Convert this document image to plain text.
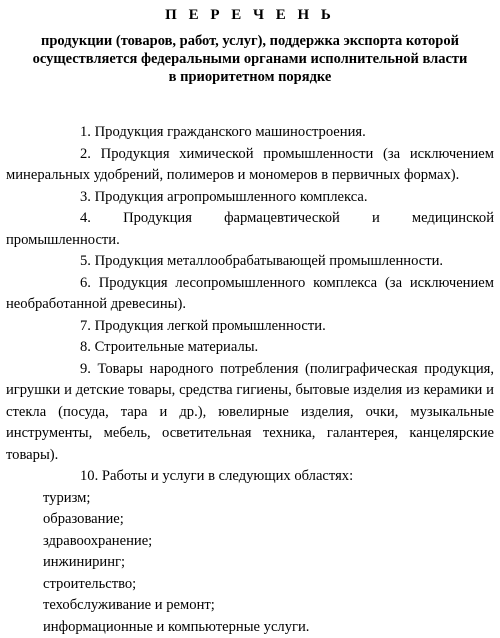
П Е Р Е Ч Е Н Ь
продукции (товаров, работ, услуг), поддержка экспорта которой
осуществляется федеральными органами исполнительной власти
в приоритетном порядке

1. Продукция гражданского машиностроения.

2. Продукция химической промышленности (за исключением минеральных удобрений, полимеров и мономеров в первичных формах).

3. Продукция агропромышленного комплекса.

4. Продукция фармацевтической и медицинской промышленности.

5. Продукция металлообрабатывающей промышленности.

6. Продукция лесопромышленного комплекса (за исключением необработанной древесины).

7. Продукция легкой промышленности.

8. Строительные материалы.

9. Товары народного потребления (полиграфическая продукция, игрушки и детские товары, средства гигиены, бытовые изделия из керамики и стекла (посуда, тара и др.), ювелирные изделия, очки, музыкальные инструменты, мебель, осветительная техника, галантерея, канцелярские товары).

10. Работы и услуги в следующих областях:

туризм;

образование;

здравоохранение;

инжиниринг;

строительство;

техобслуживание и ремонт;

информационные и компьютерные услуги.
